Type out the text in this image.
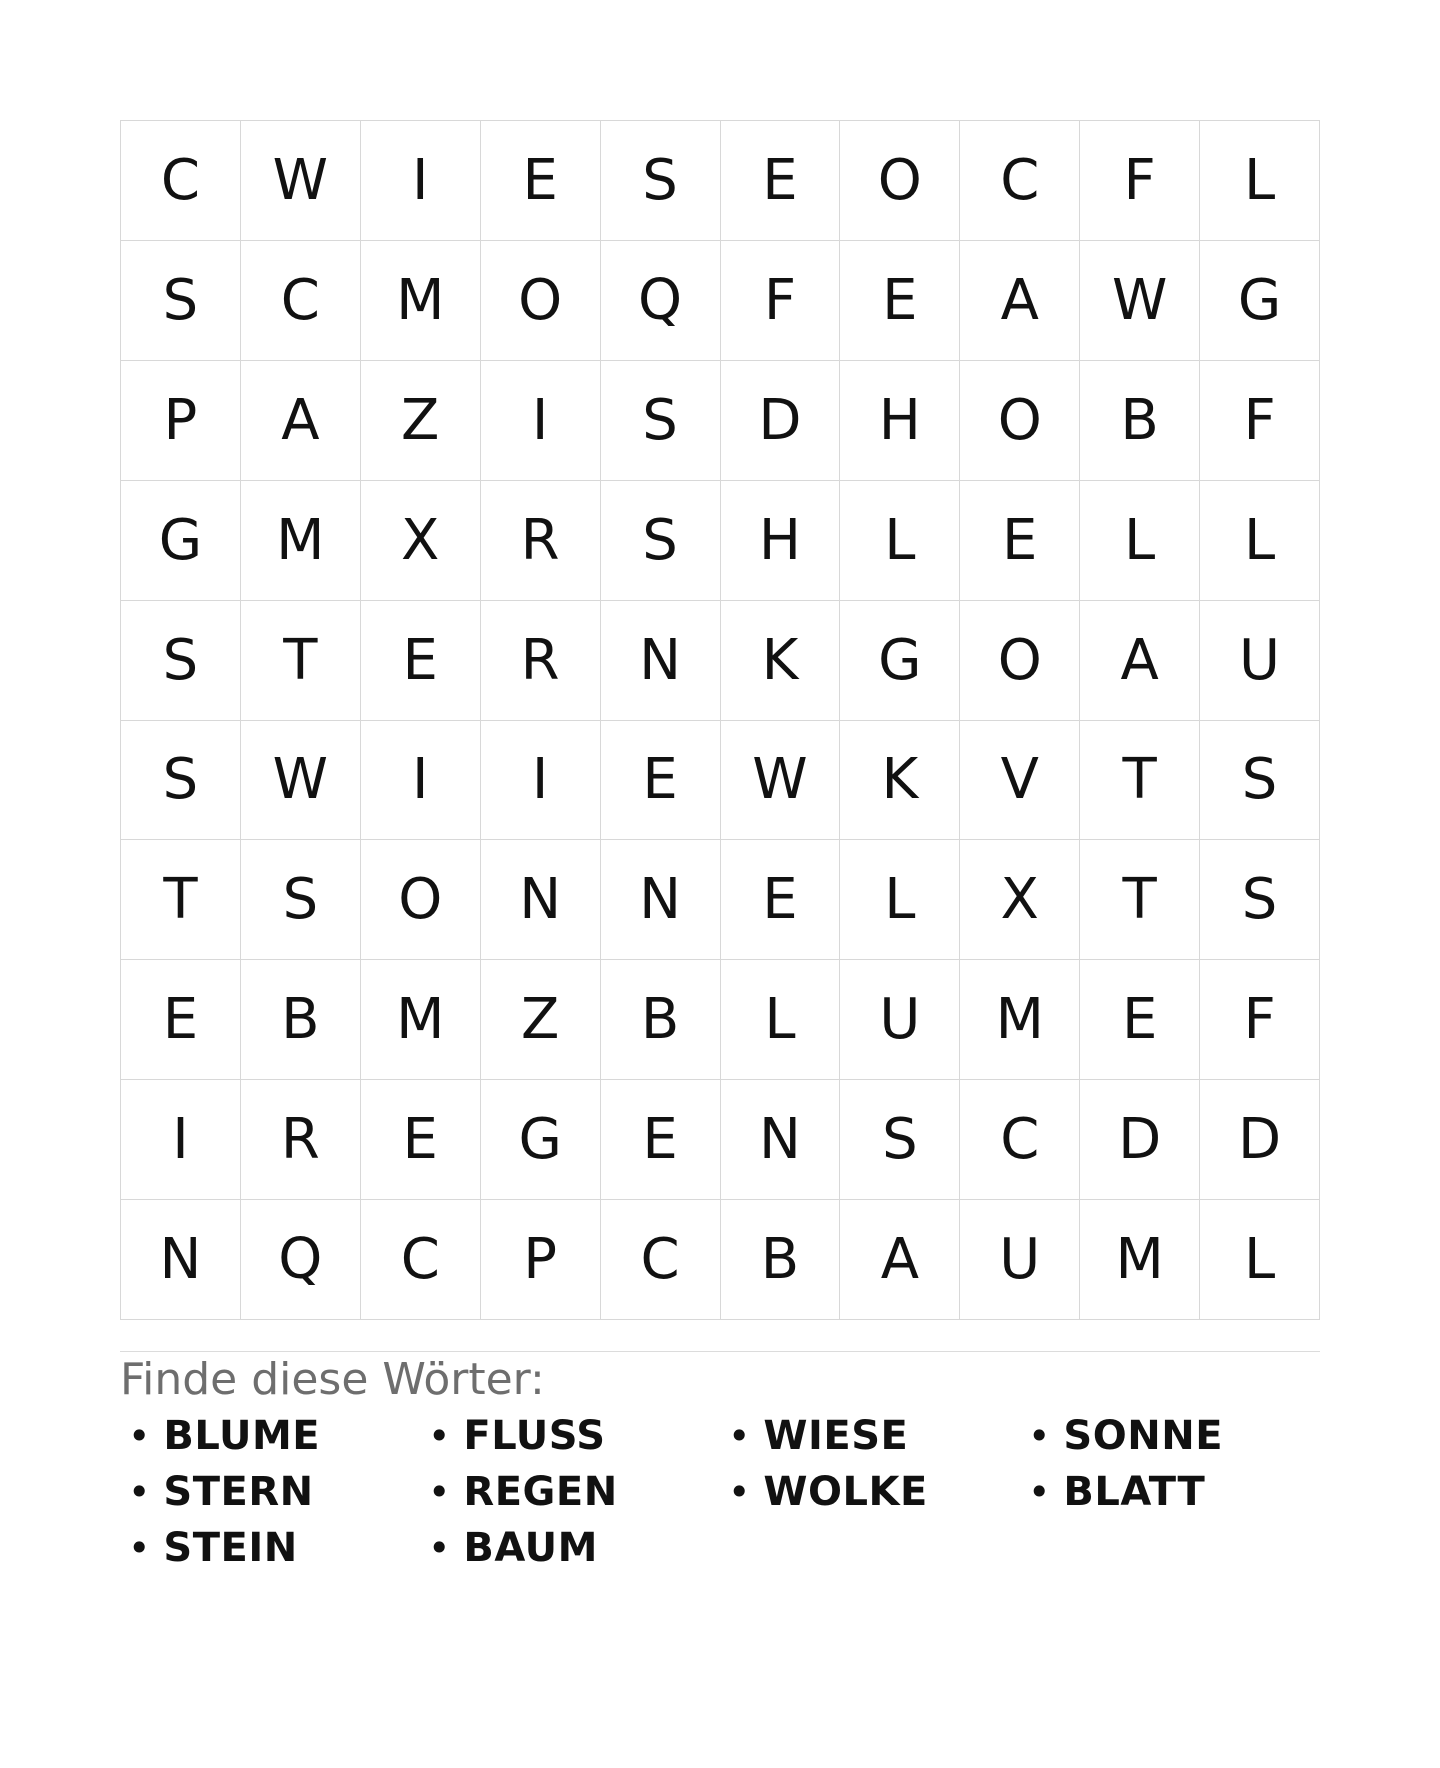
C	W	I	E	S	E	O	C	F	L
S	C	M	O	Q	F	E	A	W	G
P	A	Z	I	S	D	H	O	B	F
G	M	X	R	S	H	L	E	L	L
S	T	E	R	N	K	G	O	A	U
S	W	I	I	E	W	K	V	T	S
T	S	O	N	N	E	L	X	T	S
E	B	M	Z	B	L	U	M	E	F
I	R	E	G	E	N	S	C	D	D
N	Q	C	P	C	B	A	U	M	L
Finde diese Wörter:
• BLUME	• FLUSS	• WIESE	• SONNE
• STERN	• REGEN	• WOLKE	• BLATT
• STEIN	• BAUM
